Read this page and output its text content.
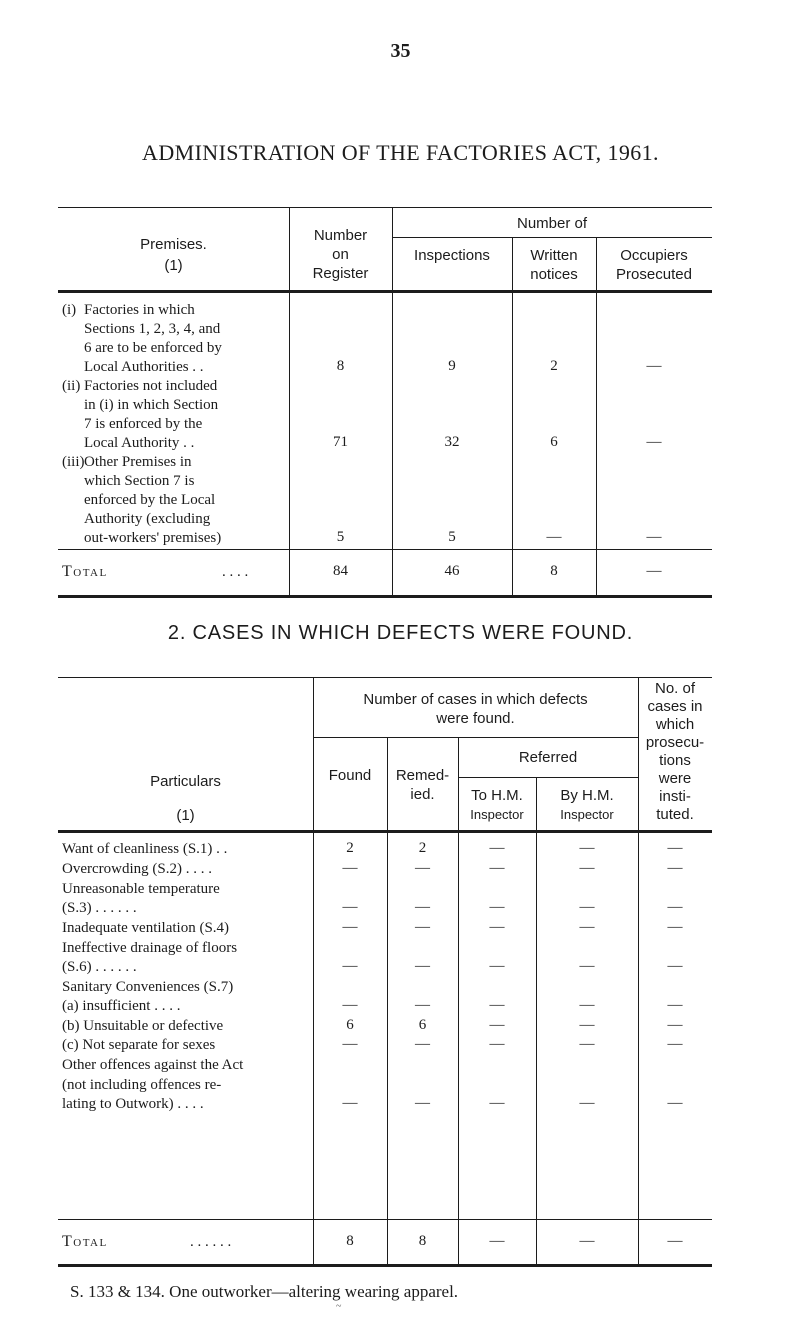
35
ADMINISTRATION OF THE FACTORIES ACT, 1961.
Premises.
(1)
Number
on
Register
Number of
Inspections	Written
notices
Occupiers
Prosecuted
(i) Factories in which
Sections 1, 2, 3, 4, and
6 are to be enforced by
Local Authorities . .	8	9	2	—
(ii) Factories not included
in (i) in which Section
7 is enforced by the
Local Authority . .	71	32	6	—
(iii) Other Premises in
which Section 7 is
enforced by the Local
Authority (excluding
out-workers' premises)	5	5	—	—
Total	. . . .	84	46	8	—
2. CASES IN WHICH DEFECTS WERE FOUND.
Particulars
(1)
Number of cases in which defects
were found.
Found	Remed-
ied.
Referred
To H.M.
Inspector
By H.M.
Inspector
No. of
cases in
which
prosecu-
tions
were
insti-
tuted.
Want of cleanliness (S.1) . .	2	2	—	—	—
Overcrowding (S.2) . . . .	—	—	—	—	—
Unreasonable temperature
(S.3) . . . . . .	—	—	—	—	—
Inadequate ventilation (S.4)	—	—	—	—	—
Ineffective drainage of floors
(S.6) . . . . . .	—	—	—	—	—
Sanitary Conveniences (S.7)
(a) insufficient . . . .	—	—	—	—	—
(b) Unsuitable or defective	6	6	—	—	—
(c) Not separate for sexes	—	—	—	—	—
Other offences against the Act
(not including offences re-
lating to Outwork) . . . .	—	—	—	—	—
Total	. . . . . .	8	8	—	—	—
S. 133 & 134. One outworker—altering wearing apparel.
~
